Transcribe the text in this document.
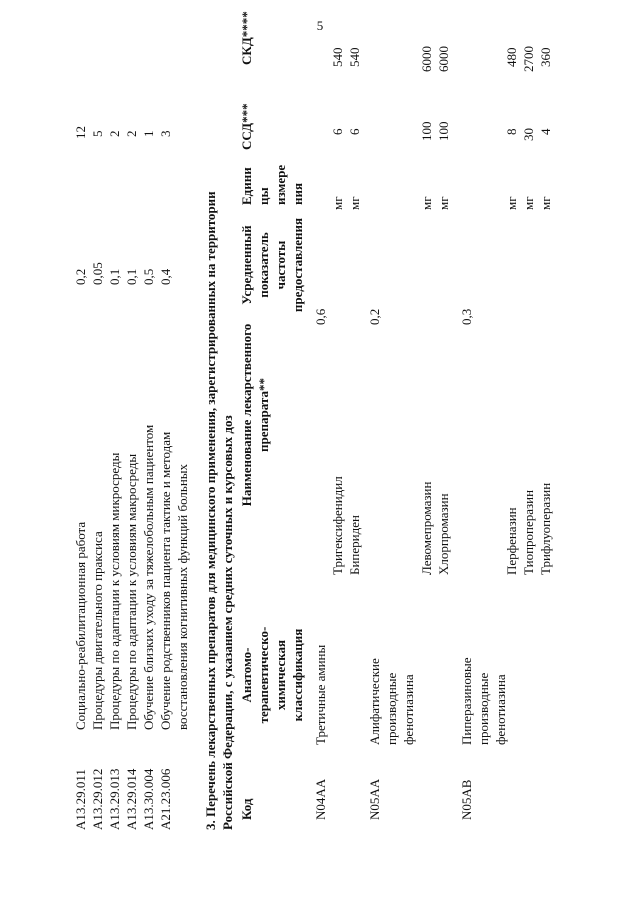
5
A13.29.011
Социально-реабилитационная работа
0,2
12
A13.29.012
Процедуры двигательного праксиса
0,05
5
A13.29.013
Процедуры по адаптации к условиям микросреды
0,1
2
A13.29.014
Процедуры по адаптации к условиям макросреды
0,1
2
A13.30.004
Обучение близких уходу за тяжелобольным пациентом
0,5
1
A21.23.006
Обучение родственников пациента тактике и методам восстановления когнитивных функций больных
0,4
3
3. Перечень лекарственных препаратов для медицинского применения, зарегистрированных на территории Российской Федерации, с указанием средних суточных и курсовых доз Код
Анатомо- терапевтическо- химическая классификация
Наименование лекарственного препарата**
Усредненный показатель частоты предоставления
Едини цы измере ния
ССД***
СКД****
N04AA
Третичные амины
0,6
Тригексифенидил
мг
6
540
Бипериден
мг
6
540
N05AA
Алифатические производные фенотиазина
0,2
Левомепромазин
мг
100
6000
Хлорпромазин
мг
100
6000
N05AB
Пиперазиновые производные фенотиазина
0,3
Перфеназин
мг
8
480
Тиопроперазин
мг
30
2700
Трифлуоперазин
мг
4
360
